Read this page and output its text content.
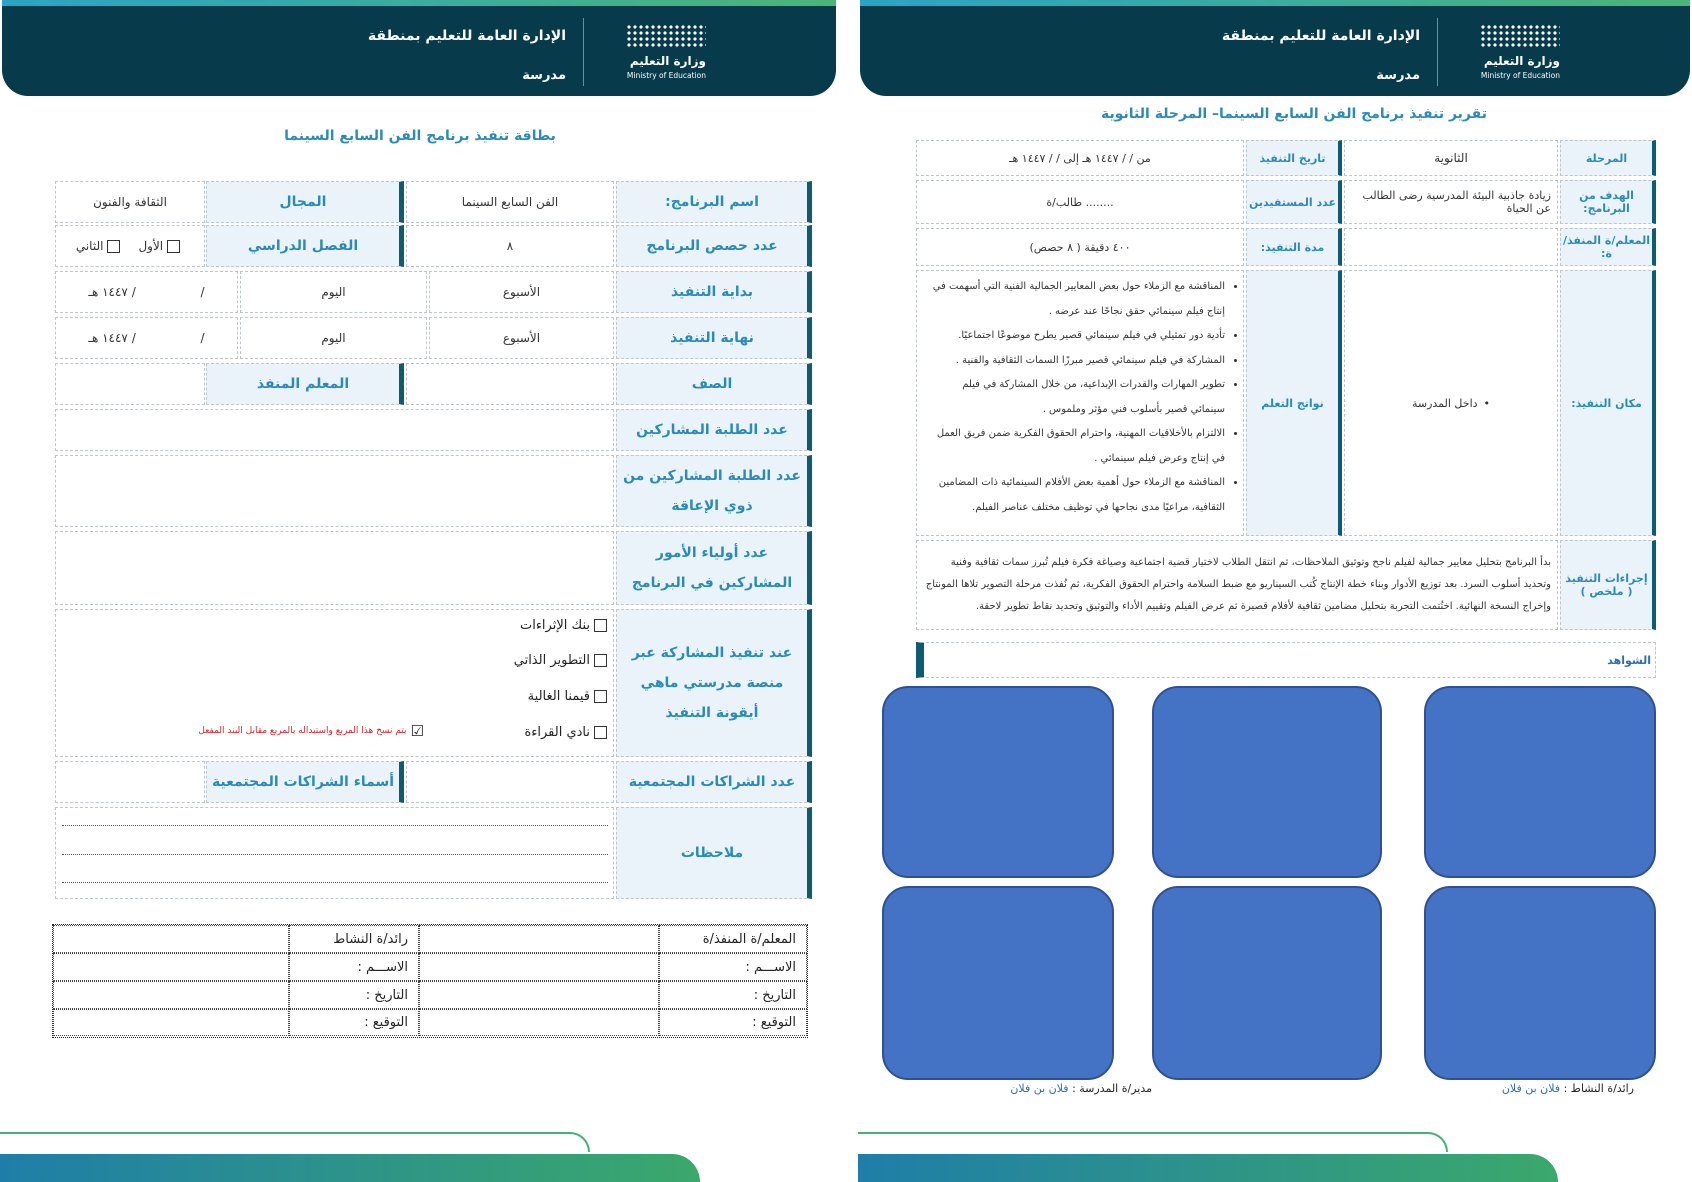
الإدارة العامة للتعليم بمنطقة
مدرسة
وزارة التعليم
Ministry of Education
بطاقة تنفيذ برنامج الفن السابع السينما
اسم البرنامج:
الفن السابع السينما
المجال
الثقافة والفنون
عدد حصص البرنامج
٨
الفصل الدراسي
الأول
الثاني
بداية التنفيذ
الأسبوع
اليوم
/
/ ١٤٤٧ هـ
نهاية التنفيذ
الأسبوع
اليوم
/
/ ١٤٤٧ هـ
الصف
المعلم المنفذ
عدد الطلبة المشاركين
عدد الطلبة المشاركين من ذوي الإعاقة
عدد أولياء الأمور المشاركين في البرنامج
عند تنفيذ المشاركة عبر منصة مدرستي ماهي أيقونة التنفيذ
بنك الإثراءات
التطوير الذاتي
قيمنا الغالية
نادي القراءة
☑
يتم نسخ هذا المربع واستبداله بالمربع مقابل البند المفعل
عدد الشراكات المجتمعية
أسماء الشراكات المجتمعية
ملاحظات
المعلم/ة المنفذ/ة
رائد/ة النشاط
الاســـم :
الاســـم :
التاريخ :
التاريخ :
التوقيع :
التوقيع :
الإدارة العامة للتعليم بمنطقة
مدرسة
وزارة التعليم
Ministry of Education
تقرير تنفيذ برنامج الفن السابع السينما– المرحلة الثانوية
المرحلة
الثانوية
تاريخ التنفيذ
من / / ١٤٤٧ هـ إلى / / ١٤٤٧ هـ
الهدف من البرنامج:
زيادة جاذبية البيئة المدرسية رضى الطالب عن الحياة
عدد المستفيدين
........ طالب/ة
المعلم/ة المنفذ/ة:
مدة التنفيذ:
٤٠٠ دقيقة ( ٨ حصص)
مكان التنفيذ:
•
داخل المدرسة
نواتج التعلم
• المناقشة مع الزملاء حول بعض المعايير الجمالية الفنية التي أسهمت في إنتاج فيلم سينمائي حقق نجاحًا عند عرضه .
• تأدية دور تمثيلي في فيلم سينمائي قصير يطرح موضوعًا اجتماعيًا.
• المشاركة في فيلم سينمائي قصير مبرزًا السمات الثقافية والفنية .
• تطوير المهارات والقدرات الإبداعية، من خلال المشاركة في فيلم سينمائي قصير بأسلوب فني مؤثر وملموس .
• الالتزام بالأخلاقيات المهنية، واحترام الحقوق الفكرية ضمن فريق العمل في إنتاج وعرض فيلم سينمائي .
• المناقشة مع الزملاء حول أهمية بعض الأفلام السينمائية ذات المضامين الثقافية، مراعيًا مدى نجاحها في توظيف مختلف عناصر الفيلم.
إجراءات التنفيذ ( ملخص )
بدأ البرنامج بتحليل معايير جمالية لفيلم ناجح وتوثيق الملاحظات، ثم انتقل الطلاب لاختيار قضية اجتماعية وصياغة فكرة فيلم تُبرز سمات ثقافية وفنية وتحديد أسلوب السرد. بعد توزيع الأدوار وبناء خطة الإنتاج كُتب السيناريو مع ضبط السلامة واحترام الحقوق الفكرية، ثم نُفذت مرحلة التصوير تلاها المونتاج وإخراج النسخة النهائية. اختُتمت التجربة بتحليل مضامين ثقافية لأفلام قصيرة ثم عرض الفيلم وتقييم الأداء والتوثيق وتحديد نقاط تطوير لاحقة.
الشواهد
رائد/ة النشاط : فلان بن فلان
مدير/ة المدرسة : فلان بن فلان
